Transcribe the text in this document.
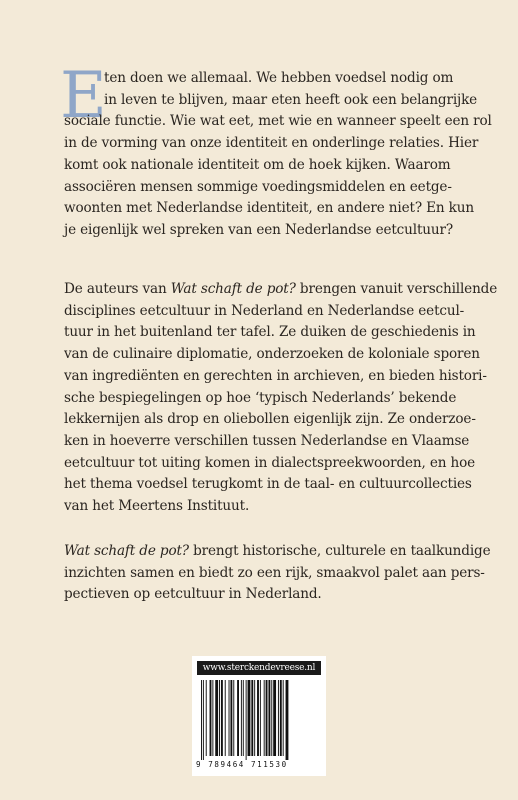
E

ten doen we allemaal. We hebben voedsel nodig om
in leven te blijven, maar eten heeft ook een belangrijke
sociale functie. Wie wat eet, met wie en wanneer speelt een rol
in de vorming van onze identiteit en onderlinge relaties. Hier
komt ook nationale identiteit om de hoek kijken. Waarom
associëren mensen sommige voedingsmiddelen en eetge-
woonten met Nederlandse identiteit, en andere niet? En kun
je eigenlijk wel spreken van een Nederlandse eetcultuur?

De auteurs van Wat schaft de pot? brengen vanuit verschillende
disciplines eetcultuur in Nederland en Nederlandse eetcul-
tuur in het buitenland ter tafel. Ze duiken de geschiedenis in
van de culinaire diplomatie, onderzoeken de koloniale sporen
van ingrediënten en gerechten in archieven, en bieden histori-
sche bespiegelingen op hoe ‘typisch Nederlands’ bekende
lekkernijen als drop en oliebollen eigenlijk zijn. Ze onderzoe-
ken in hoeverre verschillen tussen Nederlandse en Vlaamse
eetcultuur tot uiting komen in dialectspreekwoorden, en hoe
het thema voedsel terugkomt in de taal- en cultuurcollecties
van het Meertens Instituut.

Wat schaft de pot? brengt historische, culturele en taalkundige
inzichten samen en biedt zo een rijk, smaakvol palet aan pers-
pectieven op eetcultuur in Nederland.

www.sterckendevreese.nl
9 789464 711530
